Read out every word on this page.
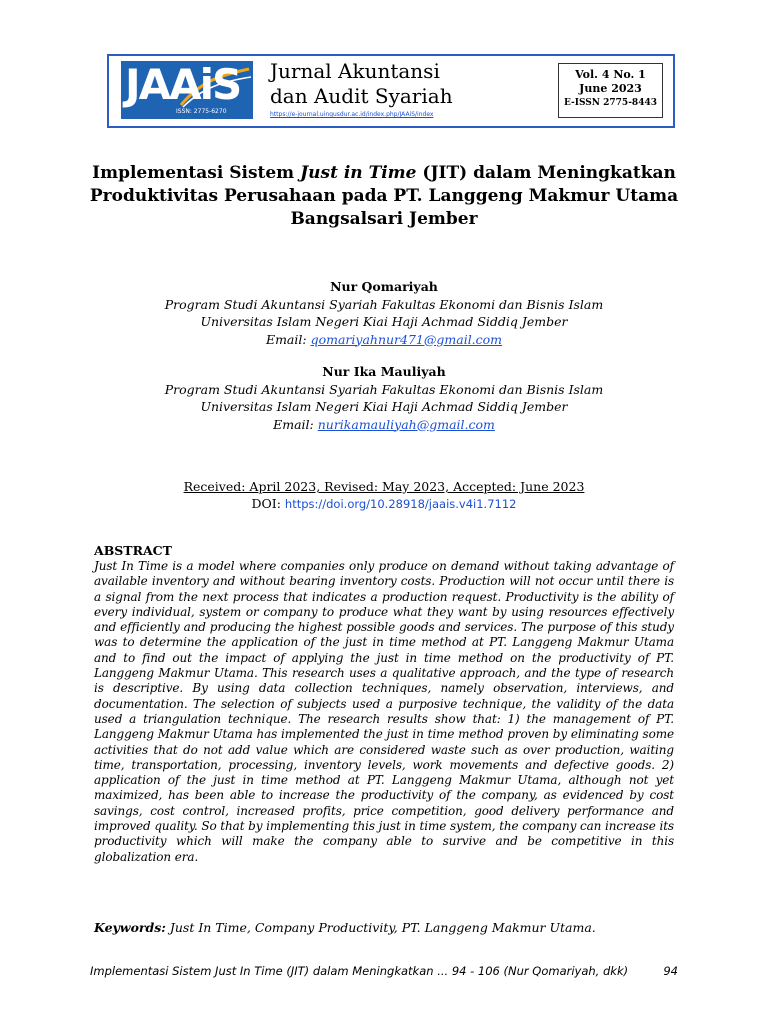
JAAiS
ISSN: 2775-6270
Jurnal Akuntansi
dan Audit Syariah
https://e-journal.uingusdur.ac.id/index.php/JAAiS/index
Vol. 4 No. 1
June 2023
E-ISSN 2775-8443
Implementasi Sistem Just in Time (JIT) dalam Meningkatkan Produktivitas Perusahaan pada PT. Langgeng Makmur Utama Bangsalsari Jember
Nur Qomariyah
Program Studi Akuntansi Syariah Fakultas Ekonomi dan Bisnis Islam
Universitas Islam Negeri Kiai Haji Achmad Siddiq Jember
Email: qomariyahnur471@gmail.com
Nur Ika Mauliyah
Program Studi Akuntansi Syariah Fakultas Ekonomi dan Bisnis Islam
Universitas Islam Negeri Kiai Haji Achmad Siddiq Jember
Email: nurikamauliyah@gmail.com
Received: April 2023, Revised: May 2023, Accepted: June 2023
DOI: https://doi.org/10.28918/jaais.v4i1.7112
ABSTRACT
Just In Time is a model where companies only produce on demand without taking advantage of available inventory and without bearing inventory costs. Production will not occur until there is a signal from the next process that indicates a production request. Productivity is the ability of every individual, system or company to produce what they want by using resources effectively and efficiently and producing the highest possible goods and services. The purpose of this study was to determine the application of the just in time method at PT. Langgeng Makmur Utama and to find out the impact of applying the just in time method on the productivity of PT. Langgeng Makmur Utama. This research uses a qualitative approach, and the type of research is descriptive. By using data collection techniques, namely observation, interviews, and documentation. The selection of subjects used a purposive technique, the validity of the data used a triangulation technique. The research results show that: 1) the management of PT. Langgeng Makmur Utama has implemented the just in time method proven by eliminating some activities that do not add value which are considered waste such as over production, waiting time, transportation, processing, inventory levels, work movements and defective goods. 2) application of the just in time method at PT. Langgeng Makmur Utama, although not yet maximized, has been able to increase the productivity of the company, as evidenced by cost savings, cost control, increased profits, price competition, good delivery performance and improved quality. So that by implementing this just in time system, the company can increase its productivity which will make the company able to survive and be competitive in this globalization era.
Keywords: Just In Time, Company Productivity, PT. Langgeng Makmur Utama.
Implementasi Sistem Just In Time (JIT) dalam Meningkatkan ... 94 - 106 (Nur Qomariyah, dkk)	94
